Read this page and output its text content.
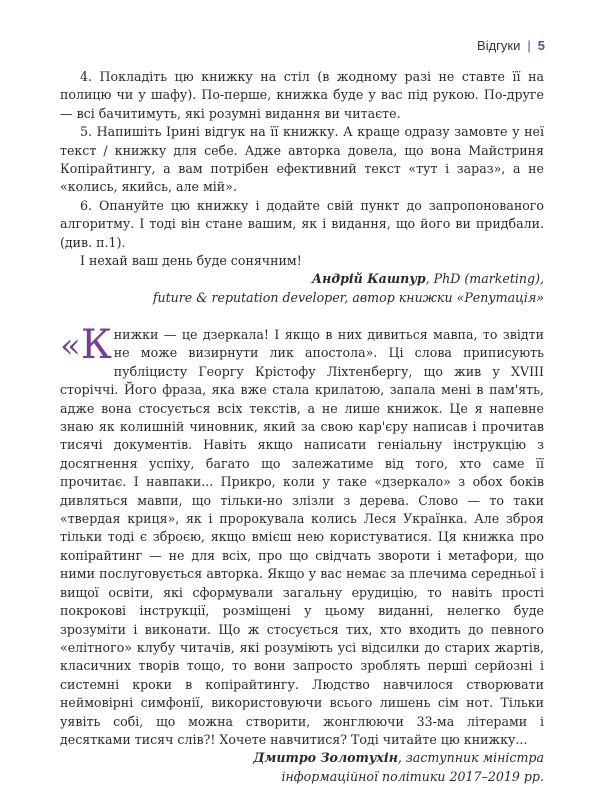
Відгуки | 5

4. Покладіть цю книжку на стіл (в жодному разі не ставте її на полицю чи у шафу). По-перше, книжка буде у вас під рукою. По-друге — всі бачитимуть, які розумні видання ви читаєте.

5. Напишіть Ірині відгук на її книжку. А краще одразу замовте у неї текст / книжку для себе. Адже авторка довела, що вона Майстриня Копірайтингу, а вам потрібен ефективний текст «тут і зараз», а не «колись, якийсь, але мій».

6. Опануйте цю книжку і додайте свій пункт до запропонованого алгоритму. І тоді він стане вашим, як і видання, що його ви придбали. (див. п.1).

І нехай ваш день буде сонячним!

Андрій Кашпур, PhD (marketing),
future & reputation developer, автор книжки «Репутація»

« К нижки — це дзеркала! І якщо в них дивиться мавпа, то звідти не може визирнути лик апостола». Ці слова приписують публіцисту Георгу Крістофу Ліхтенбергу, що жив у XVIII сторіччі. Його фраза, яка вже стала крилатою, запала мені в пам'ять, адже вона стосується всіх текстів, а не лише книжок. Це я напевне знаю як колишній чиновник, який за свою кар'єру написав і прочитав тисячі документів. Навіть якщо написати геніальну інструкцію з досягнення успіху, багато що залежатиме від того, хто саме її прочитає. І навпаки... Прикро, коли у таке «дзеркало» з обох боків дивляться мавпи, що тільки-но злізли з дерева. Слово — то таки «твердая криця», як і пророкувала колись Леся Українка. Але зброя тільки тоді є зброєю, якщо вмієш нею користуватися. Ця книжка про копірайтинг — не для всіх, про що свідчать звороти і метафори, що ними послуговується авторка. Якщо у вас немає за плечима середньої і вищої освіти, які сформували загальну ерудицію, то навіть прості покрокові інструкції, розміщені у цьому виданні, нелегко буде зрозуміти і виконати. Що ж стосується тих, хто входить до певного «елітного» клубу читачів, які розуміють усі відсилки до старих жартів, класичних творів тощо, то вони запросто зроблять перші серйозні і системні кроки в копірайтингу. Людство навчилося створювати неймовірні симфонії, використовуючи всього лишень сім нот. Тільки уявіть собі, що можна створити, жонглюючи 33-ма літерами і десятками тисяч слів?! Хочете навчитися? Тоді читайте цю книжку...

Дмитро Золотухін, заступник міністра
інформаційної політики 2017–2019 рр.
